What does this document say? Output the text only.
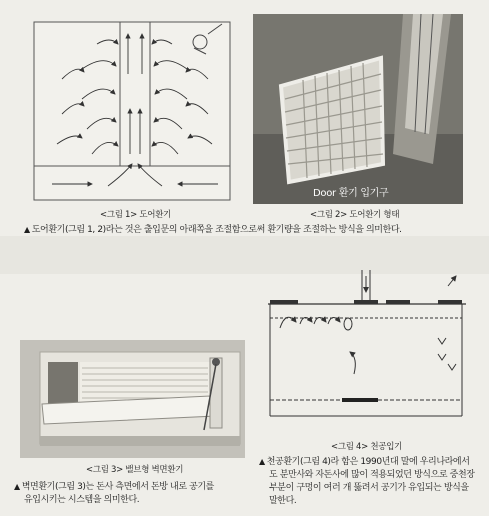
<그림 1> 도어환기
Door 환기 입기구
<그림 2> 도어환기 형태
▲ 도어환기(그림 1, 2)라는 것은 출입문의 아래쪽을 조절함으로써 환기량을 조절하는 방식을 의미한다.
<그림 3> 밸브형 벽면환기
▲ 벽면환기(그림 3)는 돈사 측면에서 돈방 내로 공기를
유입시키는 시스템을 의미한다.
<그림 4> 천공입기
▲ 천공환기(그림 4)라 함은 1990년대 말에 우리나라에서
도 분만사와 자돈사에 많이 적용되었던 방식으로 중천장
부분이 구멍이 여러 개 뚫려서 공기가 유입되는 방식을
말한다.
